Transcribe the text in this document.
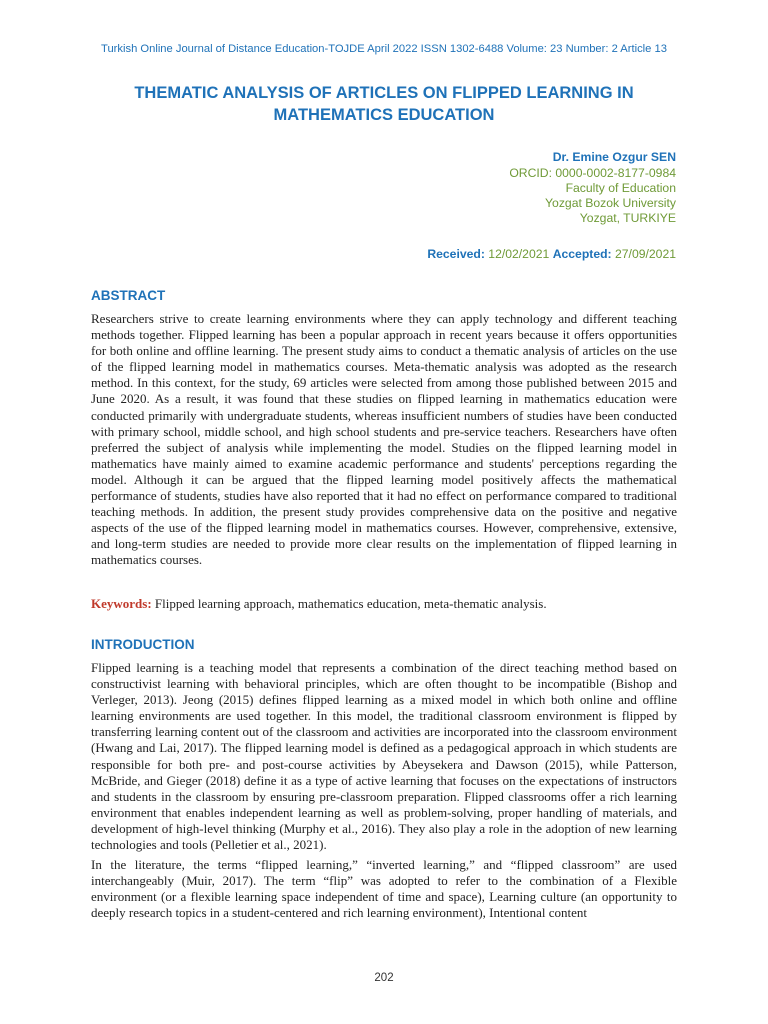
Turkish Online Journal of Distance Education-TOJDE April 2022 ISSN 1302-6488 Volume: 23 Number: 2 Article 13
THEMATIC ANALYSIS OF ARTICLES ON FLIPPED LEARNING IN MATHEMATICS EDUCATION
Dr. Emine Ozgur SEN
ORCID: 0000-0002-8177-0984
Faculty of Education
Yozgat Bozok University
Yozgat, TURKIYE
Received: 12/02/2021 Accepted: 27/09/2021
ABSTRACT

Researchers strive to create learning environments where they can apply technology and different teaching methods together. Flipped learning has been a popular approach in recent years because it offers opportunities for both online and offline learning. The present study aims to conduct a thematic analysis of articles on the use of the flipped learning model in mathematics courses. Meta-thematic analysis was adopted as the research method. In this context, for the study, 69 articles were selected from among those published between 2015 and June 2020. As a result, it was found that these studies on flipped learning in mathematics education were conducted primarily with undergraduate students, whereas insufficient numbers of studies have been conducted with primary school, middle school, and high school students and pre-service teachers. Researchers have often preferred the subject of analysis while implementing the model. Studies on the flipped learning model in mathematics have mainly aimed to examine academic performance and students' perceptions regarding the model. Although it can be argued that the flipped learning model positively affects the mathematical performance of students, studies have also reported that it had no effect on performance compared to traditional teaching methods. In addition, the present study provides comprehensive data on the positive and negative aspects of the use of the flipped learning model in mathematics courses. However, comprehensive, extensive, and long-term studies are needed to provide more clear results on the implementation of flipped learning in mathematics courses.

Keywords: Flipped learning approach, mathematics education, meta-thematic analysis.

INTRODUCTION

Flipped learning is a teaching model that represents a combination of the direct teaching method based on constructivist learning with behavioral principles, which are often thought to be incompatible (Bishop and Verleger, 2013). Jeong (2015) defines flipped learning as a mixed model in which both online and offline learning environments are used together. In this model, the traditional classroom environment is flipped by transferring learning content out of the classroom and activities are incorporated into the classroom environment (Hwang and Lai, 2017). The flipped learning model is defined as a pedagogical approach in which students are responsible for both pre- and post-course activities by Abeysekera and Dawson (2015), while Patterson, McBride, and Gieger (2018) define it as a type of active learning that focuses on the expectations of instructors and students in the classroom by ensuring pre-classroom preparation. Flipped classrooms offer a rich learning environment that enables independent learning as well as problem-solving, proper handling of materials, and development of high-level thinking (Murphy et al., 2016). They also play a role in the adoption of new learning technologies and tools (Pelletier et al., 2021).

In the literature, the terms “flipped learning,” “inverted learning,” and “flipped classroom” are used interchangeably (Muir, 2017). The term “flip” was adopted to refer to the combination of a Flexible environment (or a flexible learning space independent of time and space), Learning culture (an opportunity to deeply research topics in a student-centered and rich learning environment), Intentional content

202
